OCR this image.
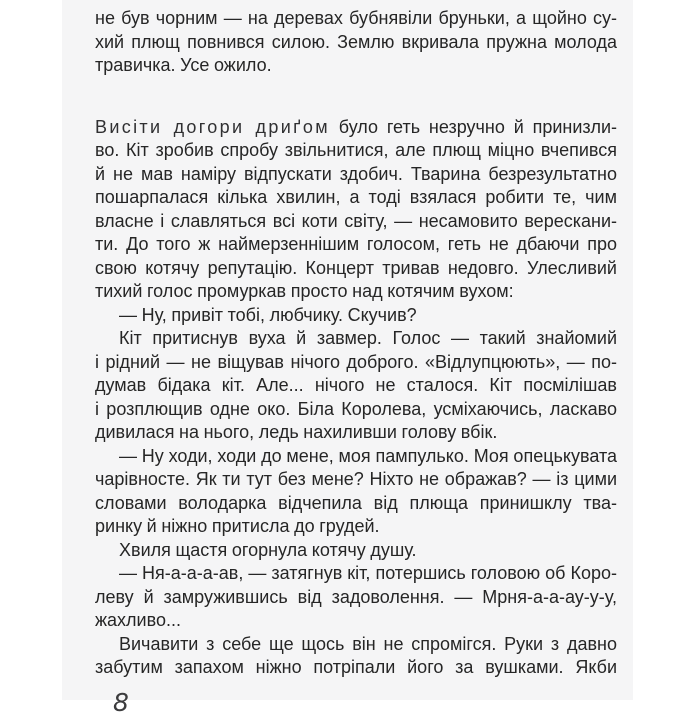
не був чорним — на деревах бубнявіли бруньки, а щойно су-
хий плющ повнився силою. Землю вкривала пружна молода
травичка. Усе ожило.
Висіти догори дриґом було геть незручно й принизли-
во. Кіт зробив спробу звільнитися, але плющ міцно вчепився
й не мав наміру відпускати здобич. Тварина безрезультатно
пошарпалася кілька хвилин, а тоді взялася робити те, чим
власне і славляться всі коти світу, — несамовито верескани-
ти. До того ж наймерзеннішим голосом, геть не дбаючи про
свою котячу репутацію. Концерт тривав недовго. Улесливий
тихий голос промуркав просто над котячим вухом:
— Ну, привіт тобі, любчику. Скучив?
Кіт притиснув вуха й завмер. Голос — такий знайомий
і рідний — не віщував нічого доброго. «Відлупцюють», — по-
думав бідака кіт. Але... нічого не сталося. Кіт посмілішав
і розплющив одне око. Біла Королева, усміхаючись, ласкаво
дивилася на нього, ледь нахиливши голову вбік.
— Ну ходи, ходи до мене, моя пампулько. Моя опецькувата
чарівносте. Як ти тут без мене? Ніхто не ображав? — із цими
словами володарка відчепила від плюща принишклу тва-
ринку й ніжно притисла до грудей.
Хвиля щастя огорнула котячу душу.
— Ня-а-а-а-ав, — затягнув кіт, потершись головою об Коро-
леву й замружившись від задоволення. — Мрня-а-а-ау-у-у,
жахливо...
Вичавити з себе ще щось він не спромігся. Руки з давно
забутим запахом ніжно потріпали його за вушками. Якби
8
